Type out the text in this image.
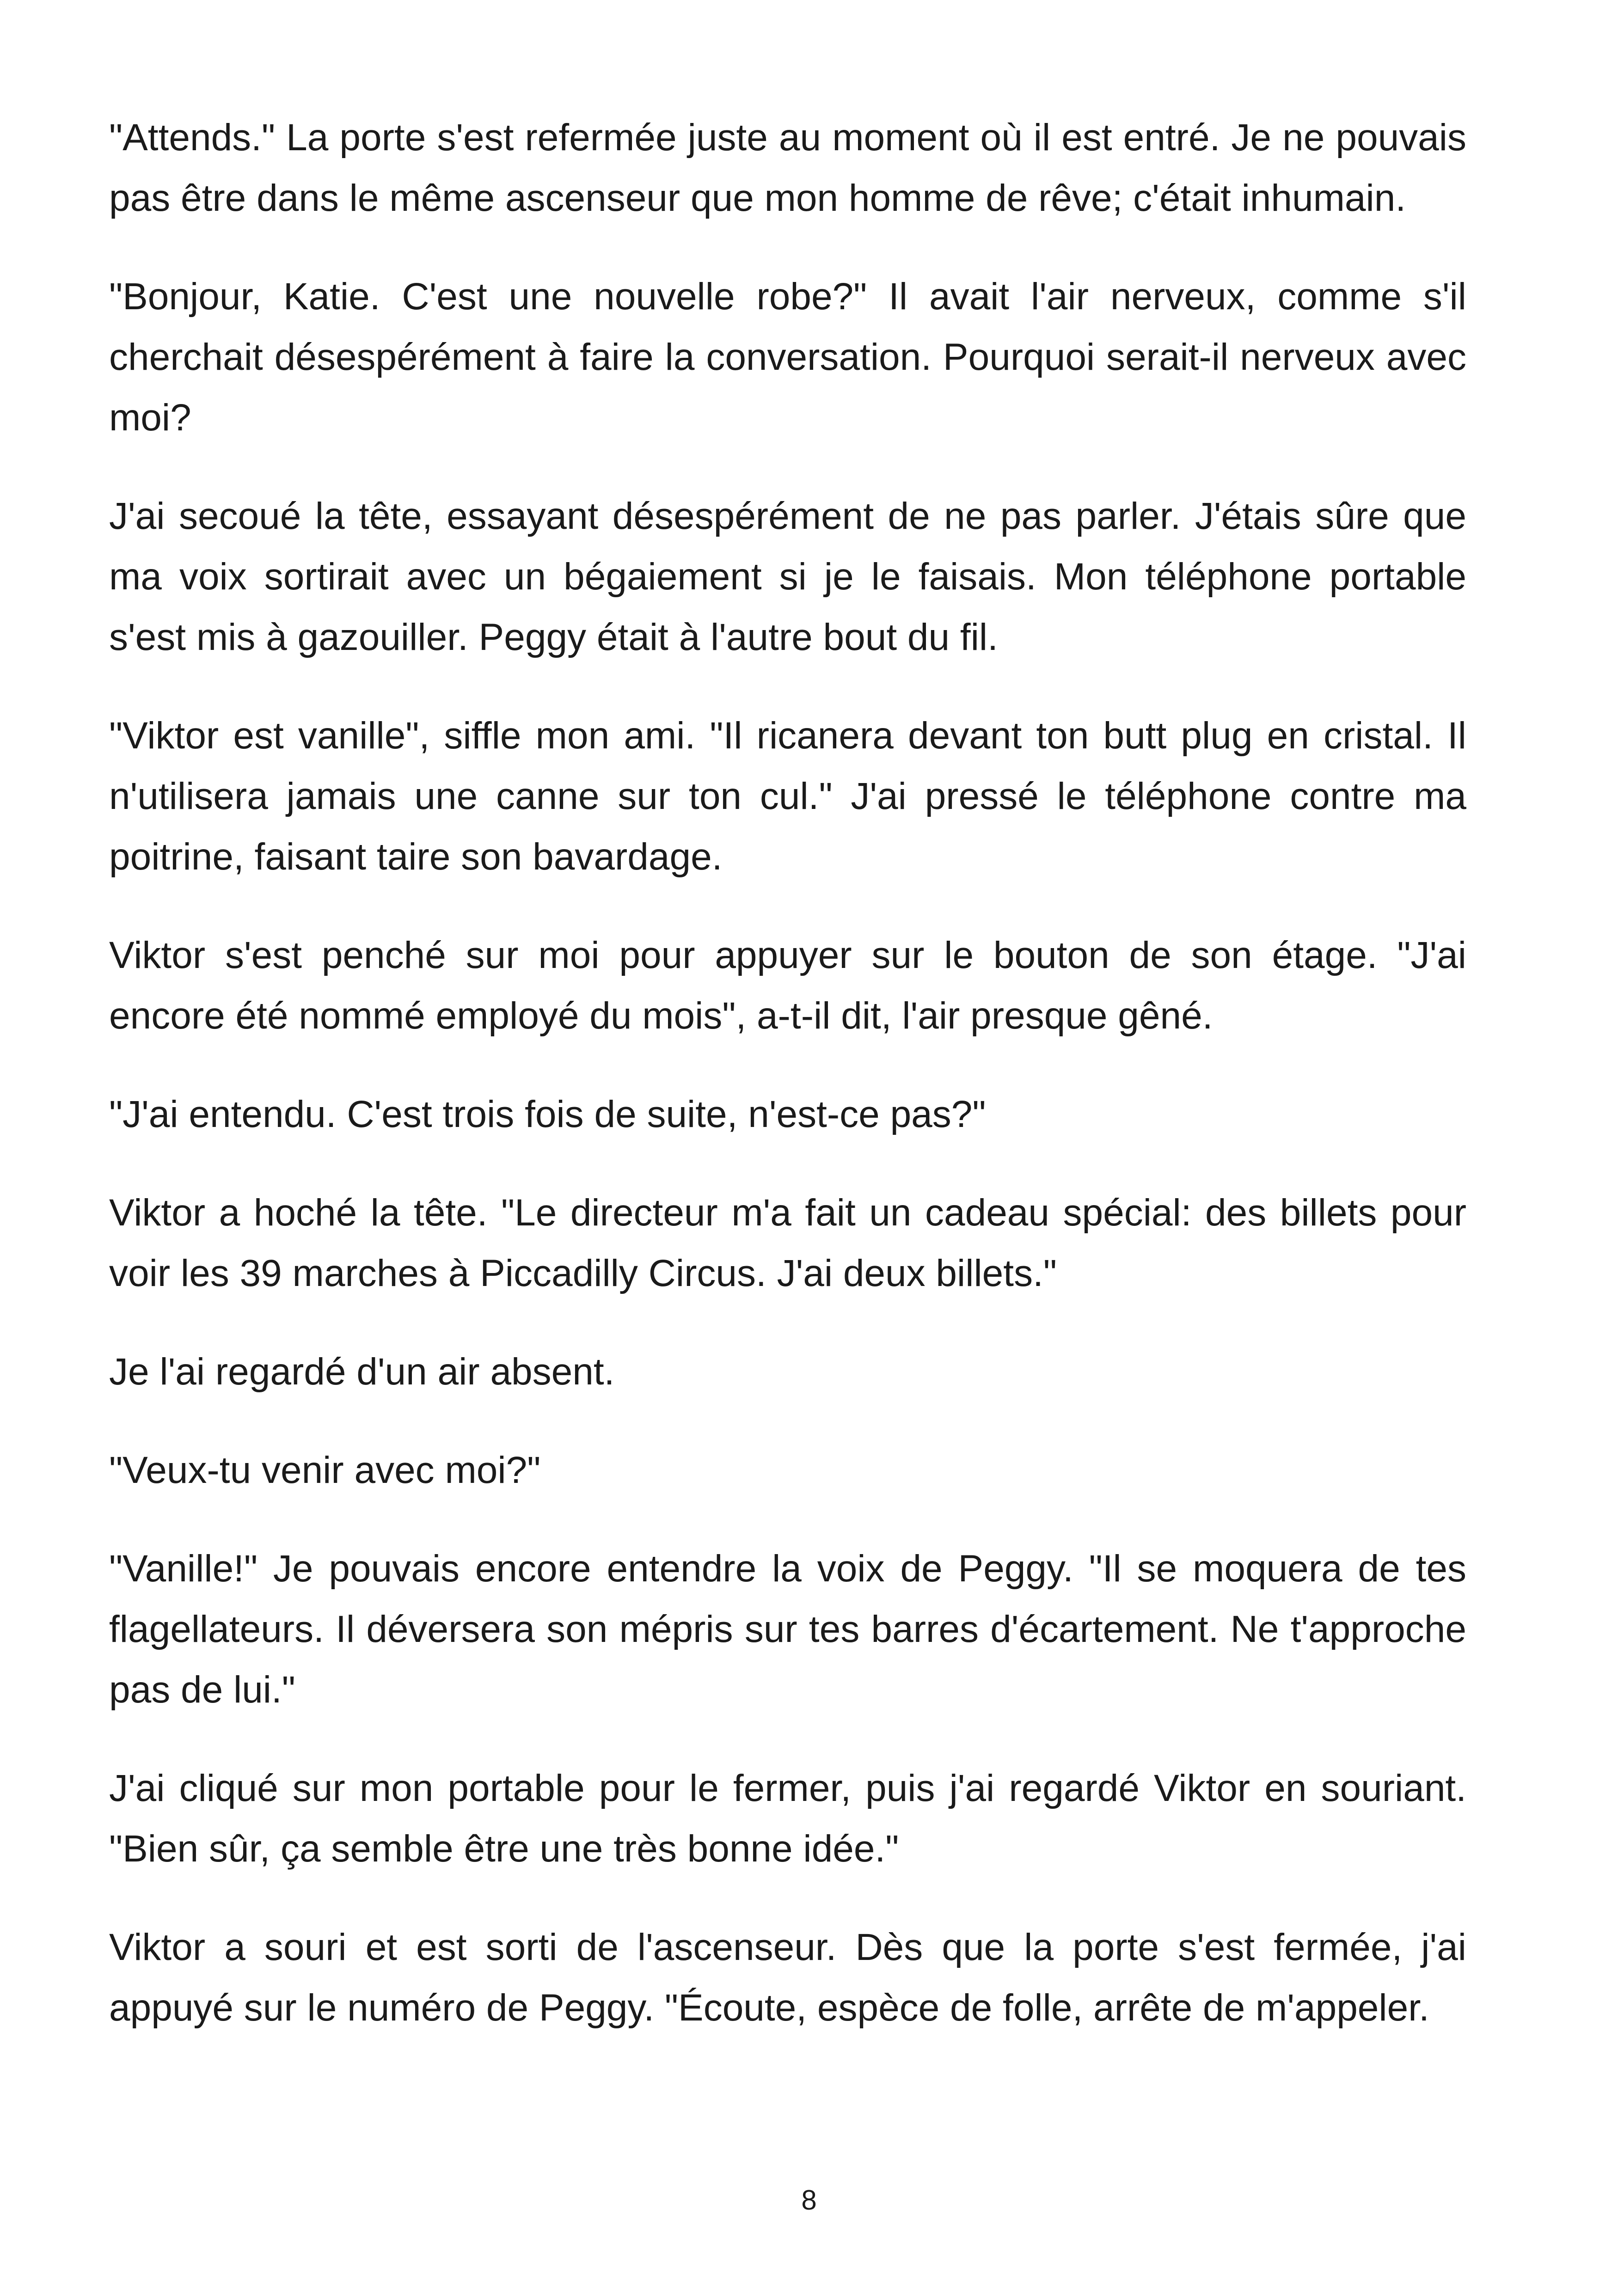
"Attends." La porte s'est refermée juste au moment où il est entré. Je ne pouvais pas être dans le même ascenseur que mon homme de rêve; c'était inhumain.

"Bonjour, Katie. C'est une nouvelle robe?" Il avait l'air nerveux, comme s'il cherchait désespérément à faire la conversation. Pourquoi serait-il nerveux avec moi?

J'ai secoué la tête, essayant désespérément de ne pas parler. J'étais sûre que ma voix sortirait avec un bégaiement si je le faisais. Mon téléphone portable s'est mis à gazouiller. Peggy était à l'autre bout du fil.

"Viktor est vanille", siffle mon ami. "Il ricanera devant ton butt plug en cristal. Il n'utilisera jamais une canne sur ton cul." J'ai pressé le téléphone contre ma poitrine, faisant taire son bavardage.

Viktor s'est penché sur moi pour appuyer sur le bouton de son étage. "J'ai encore été nommé employé du mois", a-t-il dit, l'air presque gêné.

"J'ai entendu. C'est trois fois de suite, n'est-ce pas?"

Viktor a hoché la tête. "Le directeur m'a fait un cadeau spécial: des billets pour voir les 39 marches à Piccadilly Circus. J'ai deux billets."

Je l'ai regardé d'un air absent.

"Veux-tu venir avec moi?"

"Vanille!" Je pouvais encore entendre la voix de Peggy. "Il se moquera de tes flagellateurs. Il déversera son mépris sur tes barres d'écartement. Ne t'approche pas de lui."

J'ai cliqué sur mon portable pour le fermer, puis j'ai regardé Viktor en souriant. "Bien sûr, ça semble être une très bonne idée."

Viktor a souri et est sorti de l'ascenseur. Dès que la porte s'est fermée, j'ai appuyé sur le numéro de Peggy. "Écoute, espèce de folle, arrête de m'appeler.

8
